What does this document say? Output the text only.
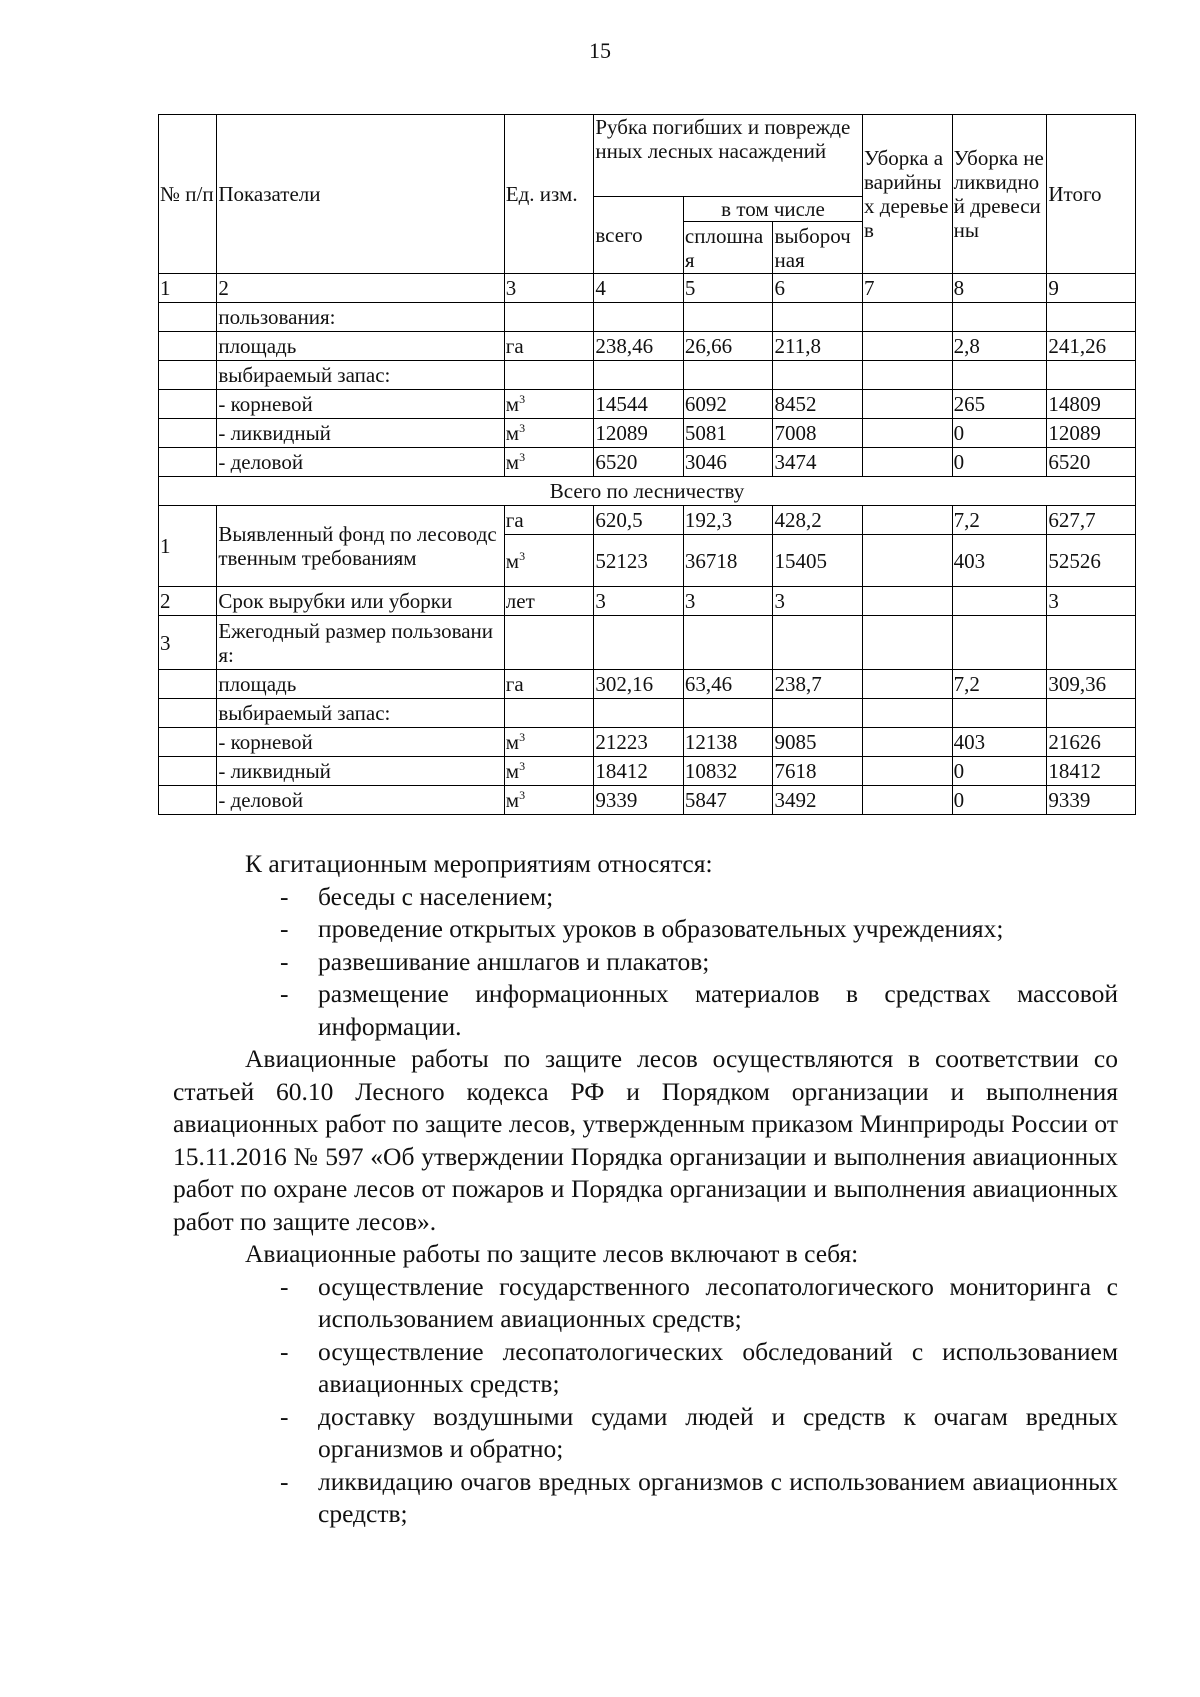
15
№ п/п	Показатели	Ед. изм.	Рубка погибших и поврежденных лесных насаждений			Уборка аварийных деревьев	Уборка неликвидной древесины	Итого
			всего	в том числе				
				сплошная	выборочная			
1	2	3	4	5	6	7	8	9
	пользования:							
	площадь	га	238,46	26,66	211,8		2,8	241,26
	выбираемый запас:							
	- корневой	$м^3$	14544	6092	8452		265	14809
	- ликвидный	$м^3$	12089	5081	7008		0	12089
	- деловой	$м^3$	6520	3046	3474		0	6520
Всего по лесничеству								
1	Выявленный фонд по лесоводственным требованиям	га	620,5	192,3	428,2		7,2	627,7
		$м^3$	52123	36718	15405		403	52526
2	Срок вырубки или уборки	лет	3	3	3			3
3	Ежегодный размер пользования:							
	площадь	га	302,16	63,46	238,7		7,2	309,36
	выбираемый запас:							
	- корневой	$м^3$	21223	12138	9085		403	21626
	- ликвидный	$м^3$	18412	10832	7618		0	18412
	- деловой	$м^3$	9339	5847	3492		0	9339

К агитационным мероприятиям относятся:

- беседы с населением;
- проведение открытых уроков в образовательных учреждениях;
- развешивание аншлагов и плакатов;
- размещение информационных материалов в средствах массовой информации.

Авиационные работы по защите лесов осуществляются в соответствии со статьей 60.10 Лесного кодекса РФ и Порядком организации и выполнения авиационных работ по защите лесов, утвержденным приказом Минприроды России от 15.11.2016 № 597 «Об утверждении Порядка организации и выполнения авиационных работ по охране лесов от пожаров и Порядка организации и выполнения авиационных работ по защите лесов».

Авиационные работы по защите лесов включают в себя:

- осуществление государственного лесопатологического мониторинга с использованием авиационных средств;
- осуществление лесопатологических обследований с использованием авиационных средств;
- доставку воздушными судами людей и средств к очагам вредных организмов и обратно;
- ликвидацию очагов вредных организмов с использованием авиационных средств;
